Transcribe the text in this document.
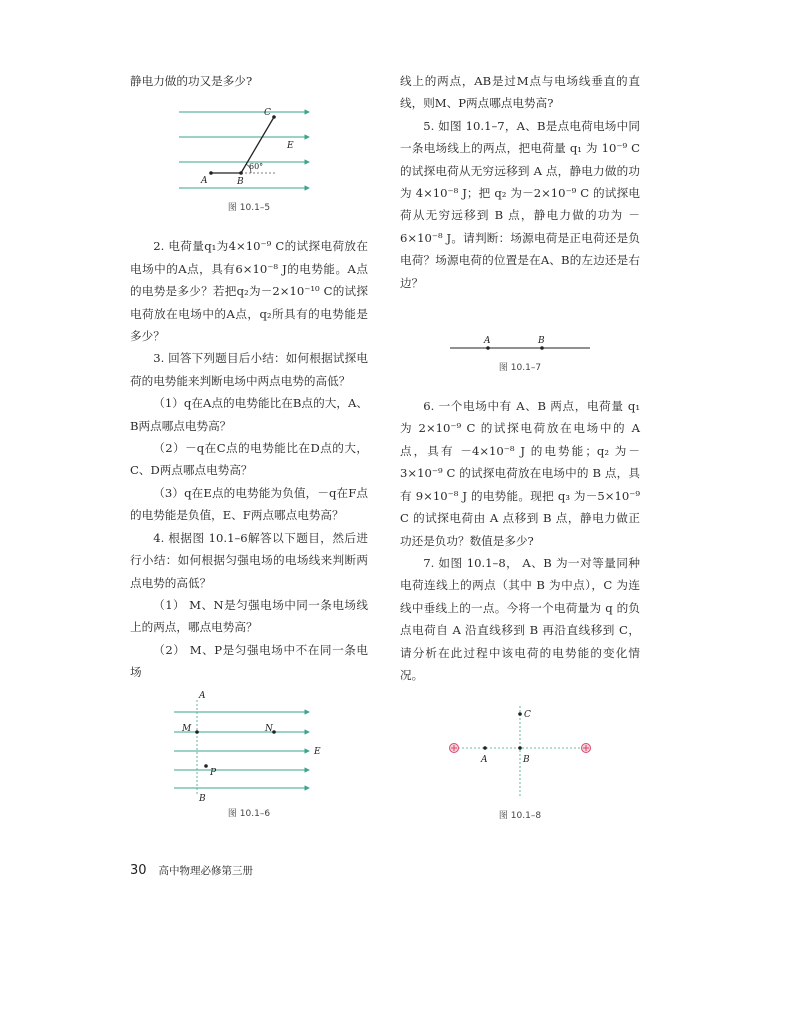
静电力做的功又是多少?

C
E
A	B
60°
图 10.1–5

2. 电荷量q₁为4×10⁻⁹ C的试探电荷放在电场中的A点，具有6×10⁻⁸ J的电势能。A点的电势是多少？若把q₂为－2×10⁻¹⁰ C的试探电荷放在电场中的A点，q₂所具有的电势能是多少？

3. 回答下列题目后小结：如何根据试探电荷的电势能来判断电场中两点电势的高低？

（1）q在A点的电势能比在B点的大，A、B两点哪点电势高？

（2）－q在C点的电势能比在D点的大，C、D两点哪点电势高？

（3）q在E点的电势能为负值，－q在F点的电势能是负值，E、F两点哪点电势高？

4. 根据图 10.1–6解答以下题目，然后进行小结：如何根据匀强电场的电场线来判断两点电势的高低？

（1） M、N是匀强电场中同一条电场线上的两点，哪点电势高？

（2） M、P是匀强电场中不在同一条电场

A
B
M	N
P
E
图 10.1–6

线上的两点，AB是过M点与电场线垂直的直线，则M、P两点哪点电势高?

5. 如图 10.1–7，A、B是点电荷电场中同一条电场线上的两点，把电荷量 q₁ 为 10⁻⁹ C 的试探电荷从无穷远移到 A 点，静电力做的功为 4×10⁻⁸ J；把 q₂ 为－2×10⁻⁹ C 的试探电荷从无穷远移到 B 点，静电力做的功为 －6×10⁻⁸ J。请判断：场源电荷是正电荷还是负电荷？场源电荷的位置是在A、B的左边还是右边？

A	B
图 10.1–7

6. 一个电场中有 A、B 两点，电荷量 q₁ 为 2×10⁻⁹ C 的试探电荷放在电场中的 A 点，具有 －4×10⁻⁸ J 的电势能；q₂ 为－3×10⁻⁹ C 的试探电荷放在电场中的 B 点，具有 9×10⁻⁸ J 的电势能。现把 q₃ 为－5×10⁻⁹ C 的试探电荷由 A 点移到 B 点，静电力做正功还是负功？数值是多少?

7. 如图 10.1–8， A、B 为一对等量同种电荷连线上的两点（其中 B 为中点），C 为连线中垂线上的一点。今将一个电荷量为 q 的负点电荷自 A 沿直线移到 B 再沿直线移到 C，请分析在此过程中该电荷的电势能的变化情况。

A	B
C
图 10.1–8
30 高中物理必修第三册
